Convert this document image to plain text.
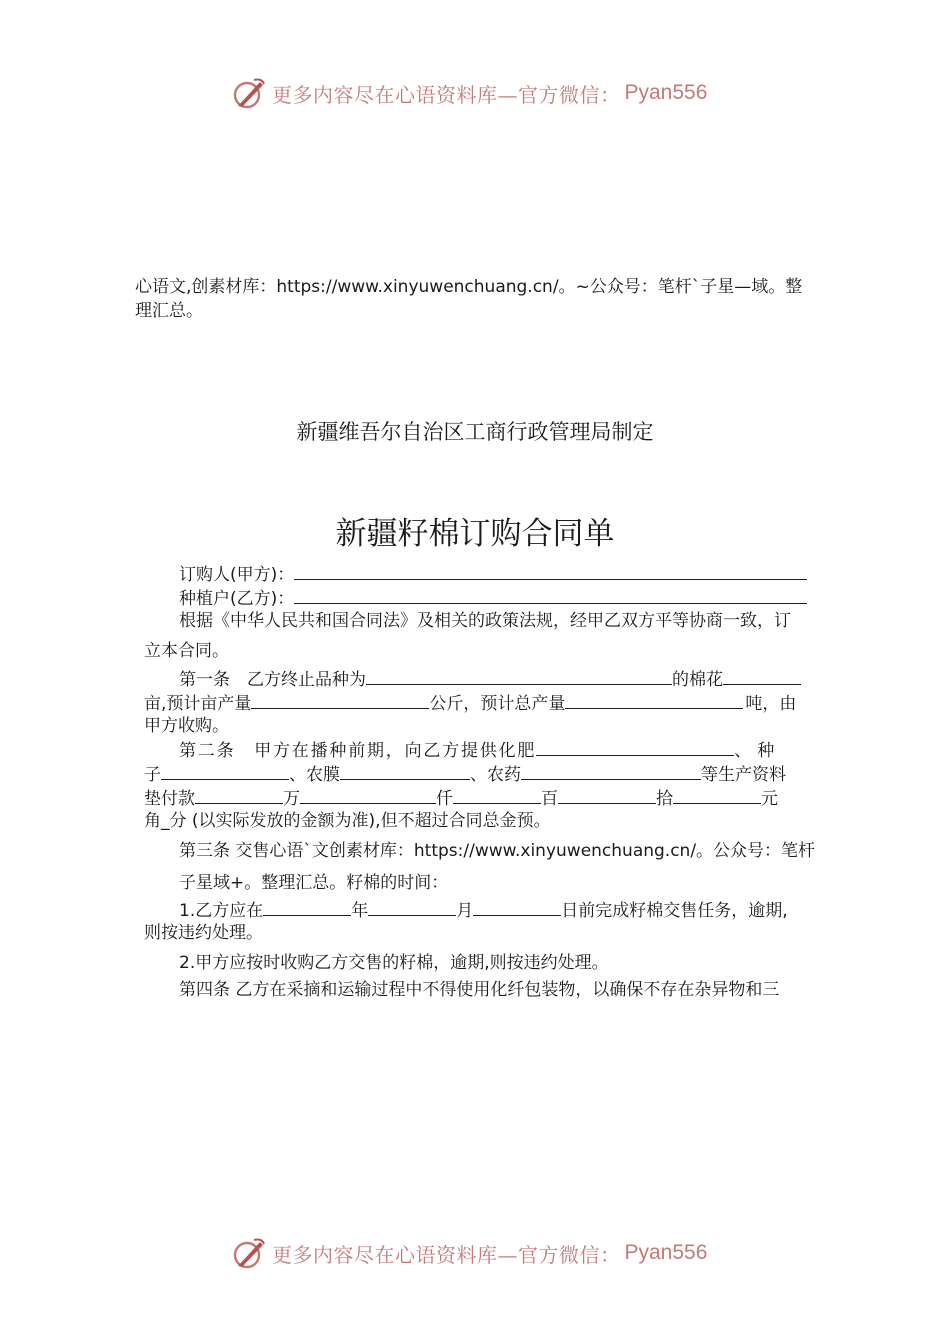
更多内容尽在心语资料库—官方微信： Pyan556
心语文,创素材库：https://www.xinyuwenchuang.cn/。~公众号：笔杆`子星—域。整
理汇总。
新疆维吾尔自治区工商行政管理局制定
新疆籽棉订购合同单
订购人(甲方)：
种植户(乙方)：
根据《中华人民共和国合同法》及相关的政策法规，经甲乙双方平等协商一致，订
立本合同。
第一条　乙方终止品种为	的棉花
亩,预计亩产量	公斤，预计总产量	吨，由
甲方收购。
第二条　甲方在播种前期，向乙方提供化肥	、种
子	、农膜	、农药	等生产资料
垫付款	万	仟	百	拾	元
角_分 (以实际发放的金额为准),但不超过合同总金预。
第三条 交售心语`文创素材库：https://www.xinyuwenchuang.cn/。公众号：笔杆
子星域+。整理汇总。籽棉的时间：
1.乙方应在	年	月	日前完成籽棉交售任务，逾期,
则按违约处理。
2.甲方应按时收购乙方交售的籽棉，逾期,则按违约处理。
第四条 乙方在采摘和运输过程中不得使用化纤包装物，以确保不存在杂异物和三
更多内容尽在心语资料库—官方微信： Pyan556
